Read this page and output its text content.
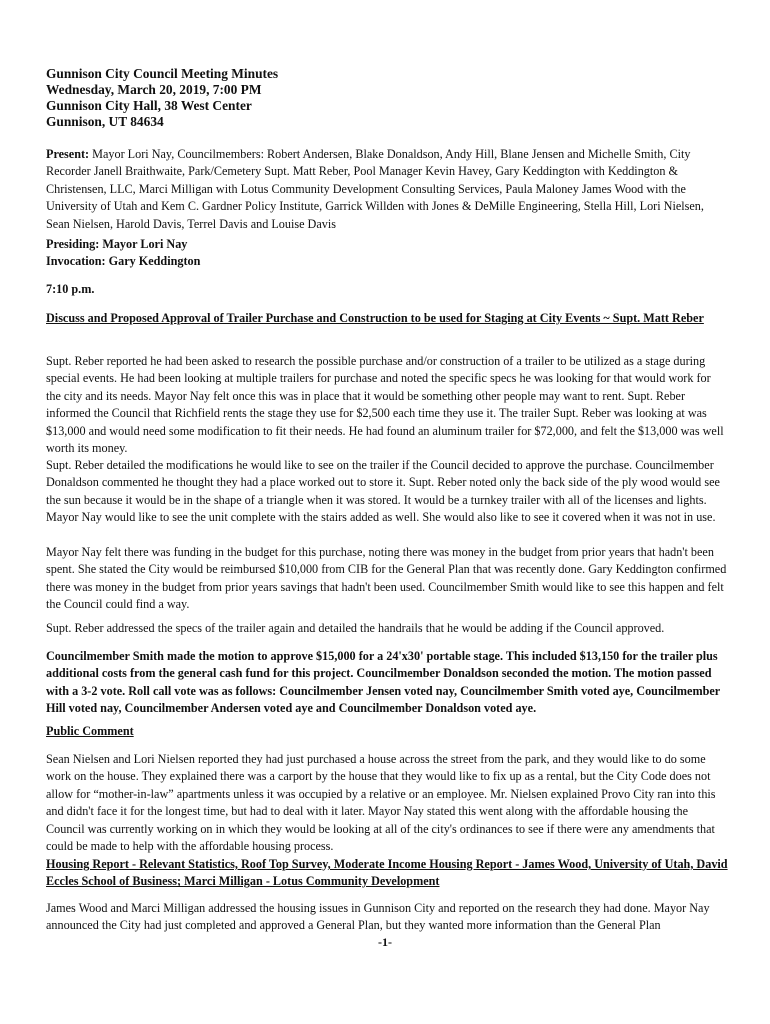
Gunnison City Council Meeting Minutes
Wednesday, March 20, 2019, 7:00 PM
Gunnison City Hall, 38 West Center
Gunnison, UT 84634

Present: Mayor Lori Nay, Councilmembers: Robert Andersen, Blake Donaldson, Andy Hill, Blane Jensen and Michelle Smith, City Recorder Janell Braithwaite, Park/Cemetery Supt. Matt Reber, Pool Manager Kevin Havey, Gary Keddington with Keddington & Christensen, LLC, Marci Milligan with Lotus Community Development Consulting Services, Paula Maloney James Wood with the University of Utah and Kem C. Gardner Policy Institute, Garrick Willden with Jones & DeMille Engineering, Stella Hill, Lori Nielsen, Sean Nielsen, Harold Davis, Terrel Davis and Louise Davis

Presiding: Mayor Lori Nay
Invocation: Gary Keddington

7:10 p.m.

Discuss and Proposed Approval of Trailer Purchase and Construction to be used for Staging at City Events ~ Supt. Matt Reber

Supt. Reber reported he had been asked to research the possible purchase and/or construction of a trailer to be utilized as a stage during special events. He had been looking at multiple trailers for purchase and noted the specific specs he was looking for that would work for the city and its needs. Mayor Nay felt once this was in place that it would be something other people may want to rent. Supt. Reber informed the Council that Richfield rents the stage they use for $2,500 each time they use it. The trailer Supt. Reber was looking at was $13,000 and would need some modification to fit their needs. He had found an aluminum trailer for $72,000, and felt the $13,000 was well worth its money.

Supt. Reber detailed the modifications he would like to see on the trailer if the Council decided to approve the purchase. Councilmember Donaldson commented he thought they had a place worked out to store it. Supt. Reber noted only the back side of the ply wood would see the sun because it would be in the shape of a triangle when it was stored. It would be a turnkey trailer with all of the licenses and lights. Mayor Nay would like to see the unit complete with the stairs added as well. She would also like to see it covered when it was not in use.

Mayor Nay felt there was funding in the budget for this purchase, noting there was money in the budget from prior years that hadn't been spent. She stated the City would be reimbursed $10,000 from CIB for the General Plan that was recently done. Gary Keddington confirmed there was money in the budget from prior years savings that hadn't been used. Councilmember Smith would like to see this happen and felt the Council could find a way.

Supt. Reber addressed the specs of the trailer again and detailed the handrails that he would be adding if the Council approved.

Councilmember Smith made the motion to approve $15,000 for a 24'x30' portable stage. This included $13,150 for the trailer plus additional costs from the general cash fund for this project. Councilmember Donaldson seconded the motion. The motion passed with a 3-2 vote. Roll call vote was as follows: Councilmember Jensen voted nay, Councilmember Smith voted aye, Councilmember Hill voted nay, Councilmember Andersen voted aye and Councilmember Donaldson voted aye.

Public Comment

Sean Nielsen and Lori Nielsen reported they had just purchased a house across the street from the park, and they would like to do some work on the house. They explained there was a carport by the house that they would like to fix up as a rental, but the City Code does not allow for “mother-in-law” apartments unless it was occupied by a relative or an employee. Mr. Nielsen explained Provo City ran into this and didn't face it for the longest time, but had to deal with it later. Mayor Nay stated this went along with the affordable housing the Council was currently working on in which they would be looking at all of the city's ordinances to see if there were any amendments that could be made to help with the affordable housing process.

Housing Report - Relevant Statistics, Roof Top Survey, Moderate Income Housing Report - James Wood, University of Utah, David Eccles School of Business; Marci Milligan - Lotus Community Development

James Wood and Marci Milligan addressed the housing issues in Gunnison City and reported on the research they had done. Mayor Nay announced the City had just completed and approved a General Plan, but they wanted more information than the General Plan

-1-
